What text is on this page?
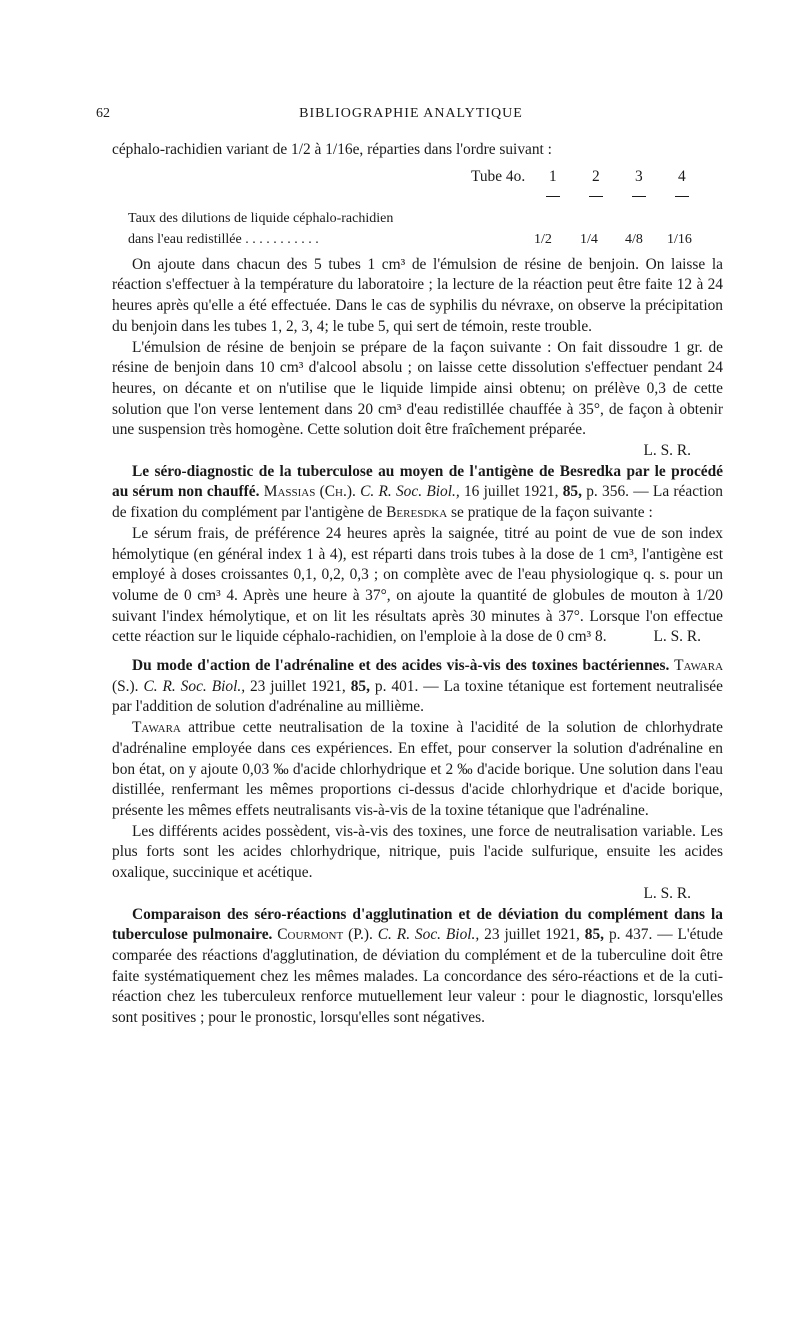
62	BIBLIOGRAPHIE ANALYTIQUE

céphalo-rachidien variant de 1/2 à 1/16e, réparties dans l'ordre suivant :

Tube 4o. 1 2 3 4
Taux des dilutions de liquide céphalo-rachidien
dans l'eau redistillée . . . . . . . . . . .	1/2 1/4 4/8 1/16

On ajoute dans chacun des 5 tubes 1 cm³ de l'émulsion de résine de benjoin. On laisse la réaction s'effectuer à la température du laboratoire ; la lecture de la réaction peut être faite 12 à 24 heures après qu'elle a été effectuée. Dans le cas de syphilis du névraxe, on observe la précipitation du benjoin dans les tubes 1, 2, 3, 4; le tube 5, qui sert de témoin, reste trouble.

L'émulsion de résine de benjoin se prépare de la façon suivante : On fait dissoudre 1 gr. de résine de benjoin dans 10 cm³ d'alcool absolu ; on laisse cette dissolution s'effectuer pendant 24 heures, on décante et on n'utilise que le liquide limpide ainsi obtenu; on prélève 0,3 de cette solution que l'on verse lentement dans 20 cm³ d'eau redistillée chauffée à 35°, de façon à obtenir une suspension très homogène. Cette solution doit être fraîchement préparée.

L. S. R.

Le séro-diagnostic de la tuberculose au moyen de l'antigène de Besredka par le procédé au sérum non chauffé. Massias (Ch.). C. R. Soc. Biol., 16 juillet 1921, 85, p. 356. — La réaction de fixation du complément par l'antigène de Beresdka se pratique de la façon suivante :

Le sérum frais, de préférence 24 heures après la saignée, titré au point de vue de son index hémolytique (en général index 1 à 4), est réparti dans trois tubes à la dose de 1 cm³, l'antigène est employé à doses croissantes 0,1, 0,2, 0,3 ; on complète avec de l'eau physiologique q. s. pour un volume de 0 cm³ 4. Après une heure à 37°, on ajoute la quantité de globules de mouton à 1/20 suivant l'index hémolytique, et on lit les résultats après 30 minutes à 37°. Lorsque l'on effectue cette réaction sur le liquide céphalo-rachidien, on l'emploie à la dose de 0 cm³ 8.	L. S. R.

Du mode d'action de l'adrénaline et des acides vis-à-vis des toxines bactériennes. Tawara (S.). C. R. Soc. Biol., 23 juillet 1921, 85, p. 401. — La toxine tétanique est fortement neutralisée par l'addition de solution d'adrénaline au millième.

Tawara attribue cette neutralisation de la toxine à l'acidité de la solution de chlorhydrate d'adrénaline employée dans ces expériences. En effet, pour conserver la solution d'adrénaline en bon état, on y ajoute 0,03 ‰ d'acide chlorhydrique et 2 ‰ d'acide borique. Une solution dans l'eau distillée, renfermant les mêmes proportions ci-dessus d'acide chlorhydrique et d'acide borique, présente les mêmes effets neutralisants vis-à-vis de la toxine tétanique que l'adrénaline.

Les différents acides possèdent, vis-à-vis des toxines, une force de neutralisation variable. Les plus forts sont les acides chlorhydrique, nitrique, puis l'acide sulfurique, ensuite les acides oxalique, succinique et acétique.

L. S. R.

Comparaison des séro-réactions d'agglutination et de déviation du complément dans la tuberculose pulmonaire. Courmont (P.). C. R. Soc. Biol., 23 juillet 1921, 85, p. 437. — L'étude comparée des réactions d'agglutination, de déviation du complément et de la tuberculine doit être faite systématiquement chez les mêmes malades. La concordance des séro-réactions et de la cuti-réaction chez les tuberculeux renforce mutuellement leur valeur : pour le diagnostic, lorsqu'elles sont positives ; pour le pronostic, lorsqu'elles sont négatives.
